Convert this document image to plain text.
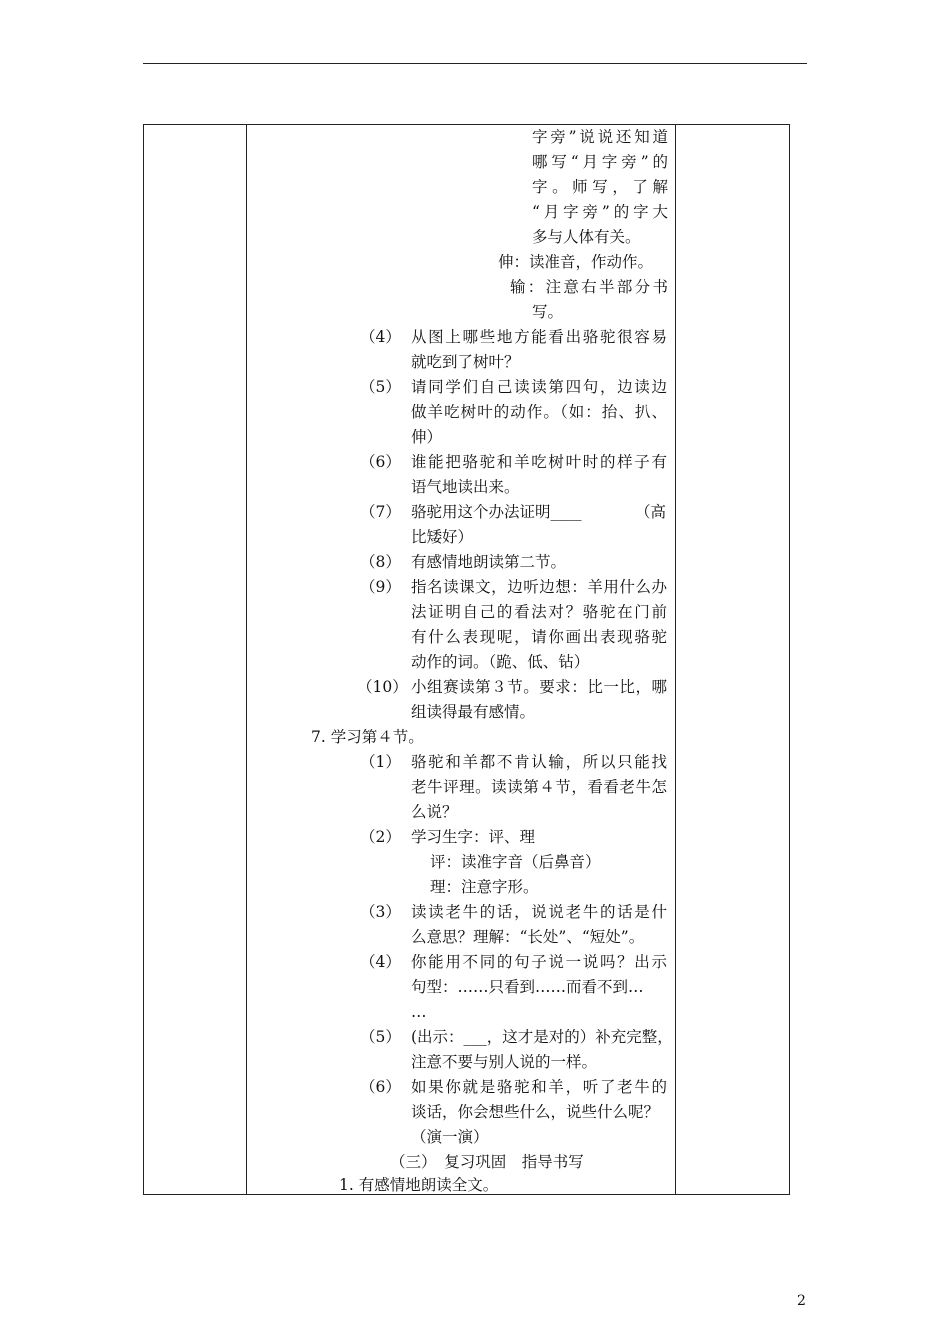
字旁”说说还知道
哪写“月字旁”的
字。师写，了解
“月字旁”的字大
多与人体有关。
伸：读准音，作动作。
输：注意右半部分书
写。
（4） 从图上哪些地方能看出骆驼很容易
就吃到了树叶？
（5） 请同学们自己读读第四句，边读边
做羊吃树叶的动作。（如：抬、扒、
伸）
（6） 谁能把骆驼和羊吃树叶时的样子有
语气地读出来。
（7） 骆驼用这个办法证明____	（高
比矮好）
（8） 有感情地朗读第二节。
（9） 指名读课文，边听边想：羊用什么办
法证明自己的看法对？骆驼在门前
有什么表现呢，请你画出表现骆驼
动作的词。（跪、低、钻）
（10） 小组赛读第３节。要求：比一比，哪
组读得最有感情。
7. 学习第４节。
（1） 骆驼和羊都不肯认输，所以只能找
老牛评理。读读第４节，看看老牛怎
么说？
（2） 学习生字：评、理
评：读准字音（后鼻音）
理：注意字形。
（3） 读读老牛的话，说说老牛的话是什
么意思？理解：“长处”、“短处”。
（4） 你能用不同的句子说一说吗？出示
句型：……只看到……而看不到…
…
（5） (出示：___，这才是对的）补充完整，
注意不要与别人说的一样。
（6） 如果你就是骆驼和羊，听了老牛的
谈话，你会想些什么，说些什么呢？
（演一演）
（三）　复习巩固　指导书写
1. 有感情地朗读全文。
2
